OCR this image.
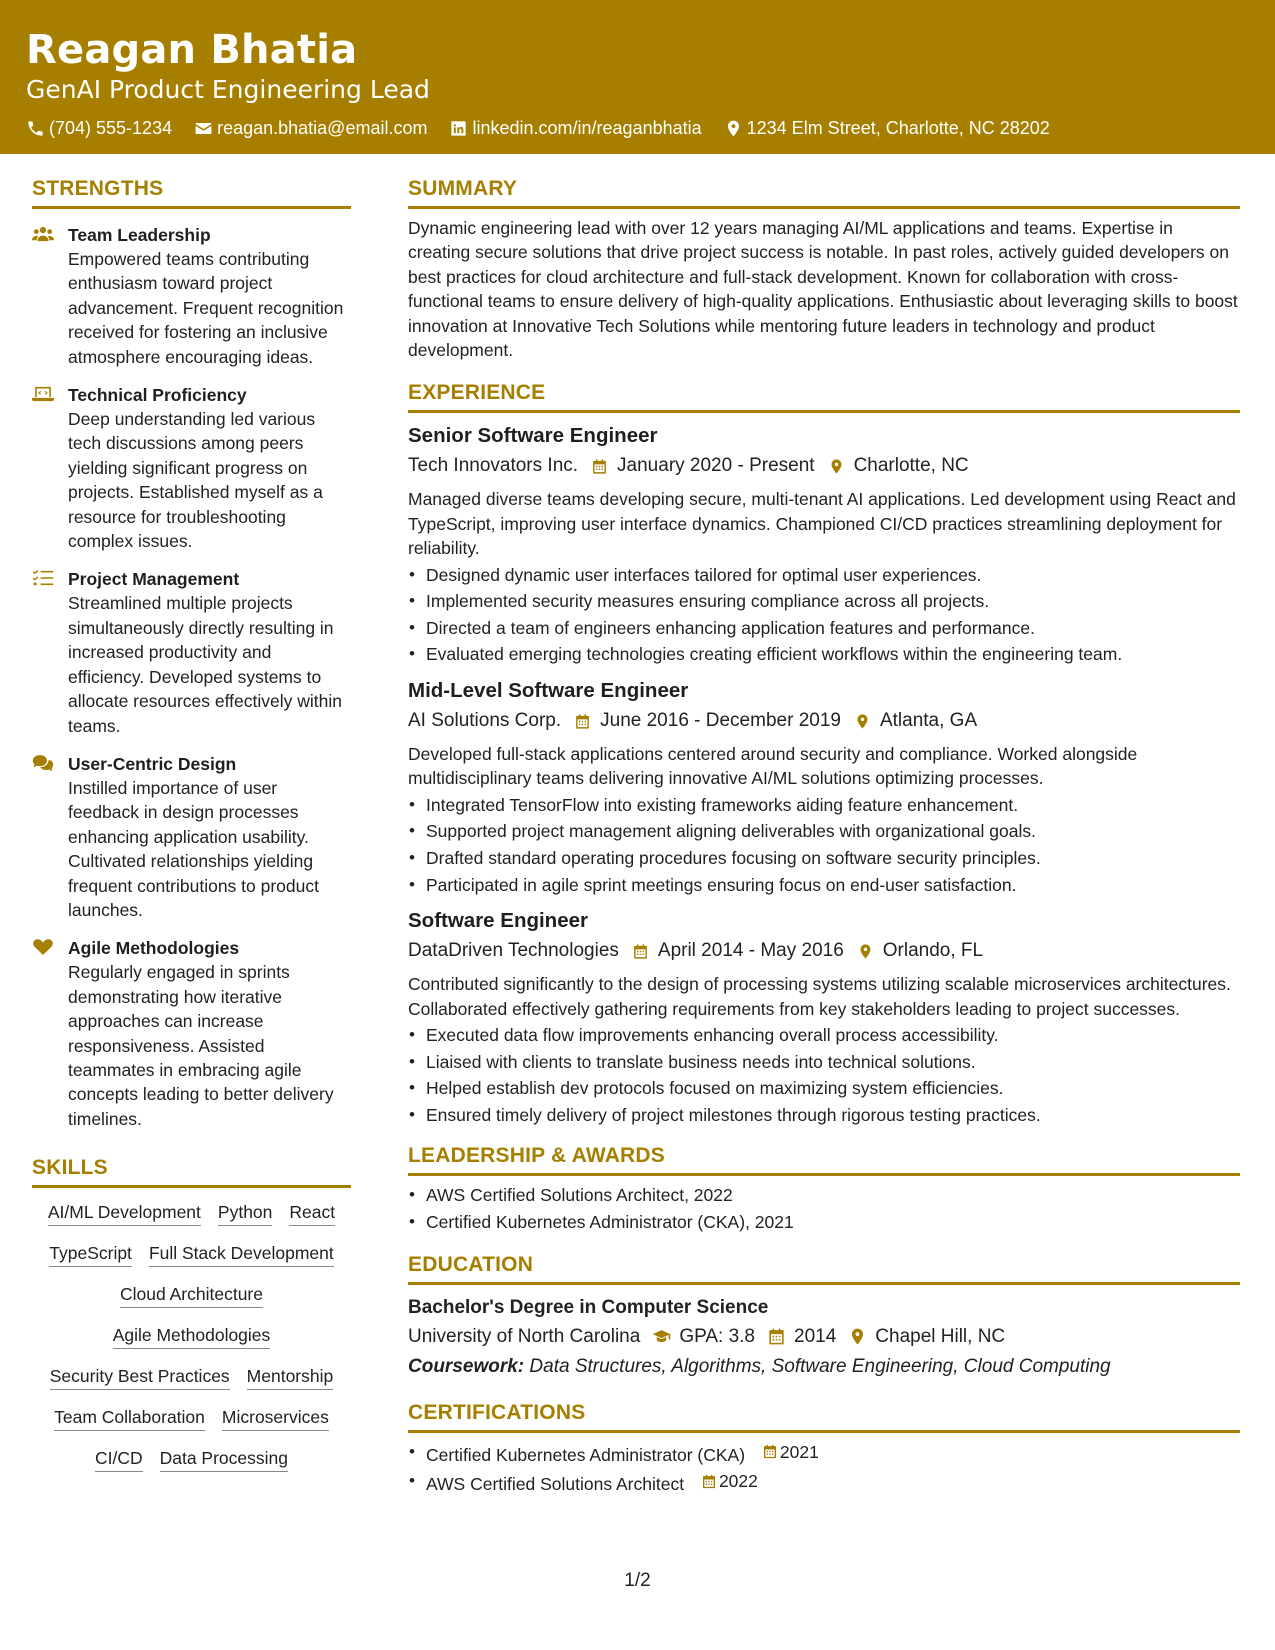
Reagan Bhatia
GenAI Product Engineering Lead
(704) 555-1234	reagan.bhatia@email.com	linkedin.com/in/reaganbhatia	1234 Elm Street, Charlotte, NC 28202
STRENGTHS
Team Leadership
Empowered teams contributing enthusiasm toward project advancement. Frequent recognition received for fostering an inclusive atmosphere encouraging ideas.
Technical Proficiency
Deep understanding led various tech discussions among peers yielding significant progress on projects. Established myself as a resource for troubleshooting complex issues.
Project Management
Streamlined multiple projects simultaneously directly resulting in increased productivity and efficiency. Developed systems to allocate resources effectively within teams.
User-Centric Design
Instilled importance of user feedback in design processes enhancing application usability. Cultivated relationships yielding frequent contributions to product launches.
Agile Methodologies
Regularly engaged in sprints demonstrating how iterative approaches can increase responsiveness. Assisted teammates in embracing agile concepts leading to better delivery timelines.
SKILLS
AI/ML Development Python React
TypeScript Full Stack Development
Cloud Architecture
Agile Methodologies
Security Best Practices Mentorship
Team Collaboration Microservices
CI/CD Data Processing
SUMMARY

Dynamic engineering lead with over 12 years managing AI/ML applications and teams. Expertise in creating secure solutions that drive project success is notable. In past roles, actively guided developers on best practices for cloud architecture and full-stack development. Known for collaboration with cross-functional teams to ensure delivery of high-quality applications. Enthusiastic about leveraging skills to boost innovation at Innovative Tech Solutions while mentoring future leaders in technology and product development.

EXPERIENCE
Senior Software Engineer
Tech Innovators Inc. January 2020 - Present Charlotte, NC

Managed diverse teams developing secure, multi-tenant AI applications. Led development using React and TypeScript, improving user interface dynamics. Championed CI/CD practices streamlining deployment for reliability.

• Designed dynamic user interfaces tailored for optimal user experiences.
• Implemented security measures ensuring compliance across all projects.
• Directed a team of engineers enhancing application features and performance.
• Evaluated emerging technologies creating efficient workflows within the engineering team.
Mid-Level Software Engineer
AI Solutions Corp. June 2016 - December 2019 Atlanta, GA

Developed full-stack applications centered around security and compliance. Worked alongside multidisciplinary teams delivering innovative AI/ML solutions optimizing processes.

• Integrated TensorFlow into existing frameworks aiding feature enhancement.
• Supported project management aligning deliverables with organizational goals.
• Drafted standard operating procedures focusing on software security principles.
• Participated in agile sprint meetings ensuring focus on end-user satisfaction.
Software Engineer
DataDriven Technologies April 2014 - May 2016 Orlando, FL

Contributed significantly to the design of processing systems utilizing scalable microservices architectures. Collaborated effectively gathering requirements from key stakeholders leading to project successes.

• Executed data flow improvements enhancing overall process accessibility.
• Liaised with clients to translate business needs into technical solutions.
• Helped establish dev protocols focused on maximizing system efficiencies.
• Ensured timely delivery of project milestones through rigorous testing practices.
LEADERSHIP & AWARDS
• AWS Certified Solutions Architect, 2022
• Certified Kubernetes Administrator (CKA), 2021
EDUCATION
Bachelor's Degree in Computer Science
University of North Carolina GPA: 3.8 2014 Chapel Hill, NC
Coursework: Data Structures, Algorithms, Software Engineering, Cloud Computing
CERTIFICATIONS
• Certified Kubernetes Administrator (CKA) 2021
• AWS Certified Solutions Architect 2022
1/2
